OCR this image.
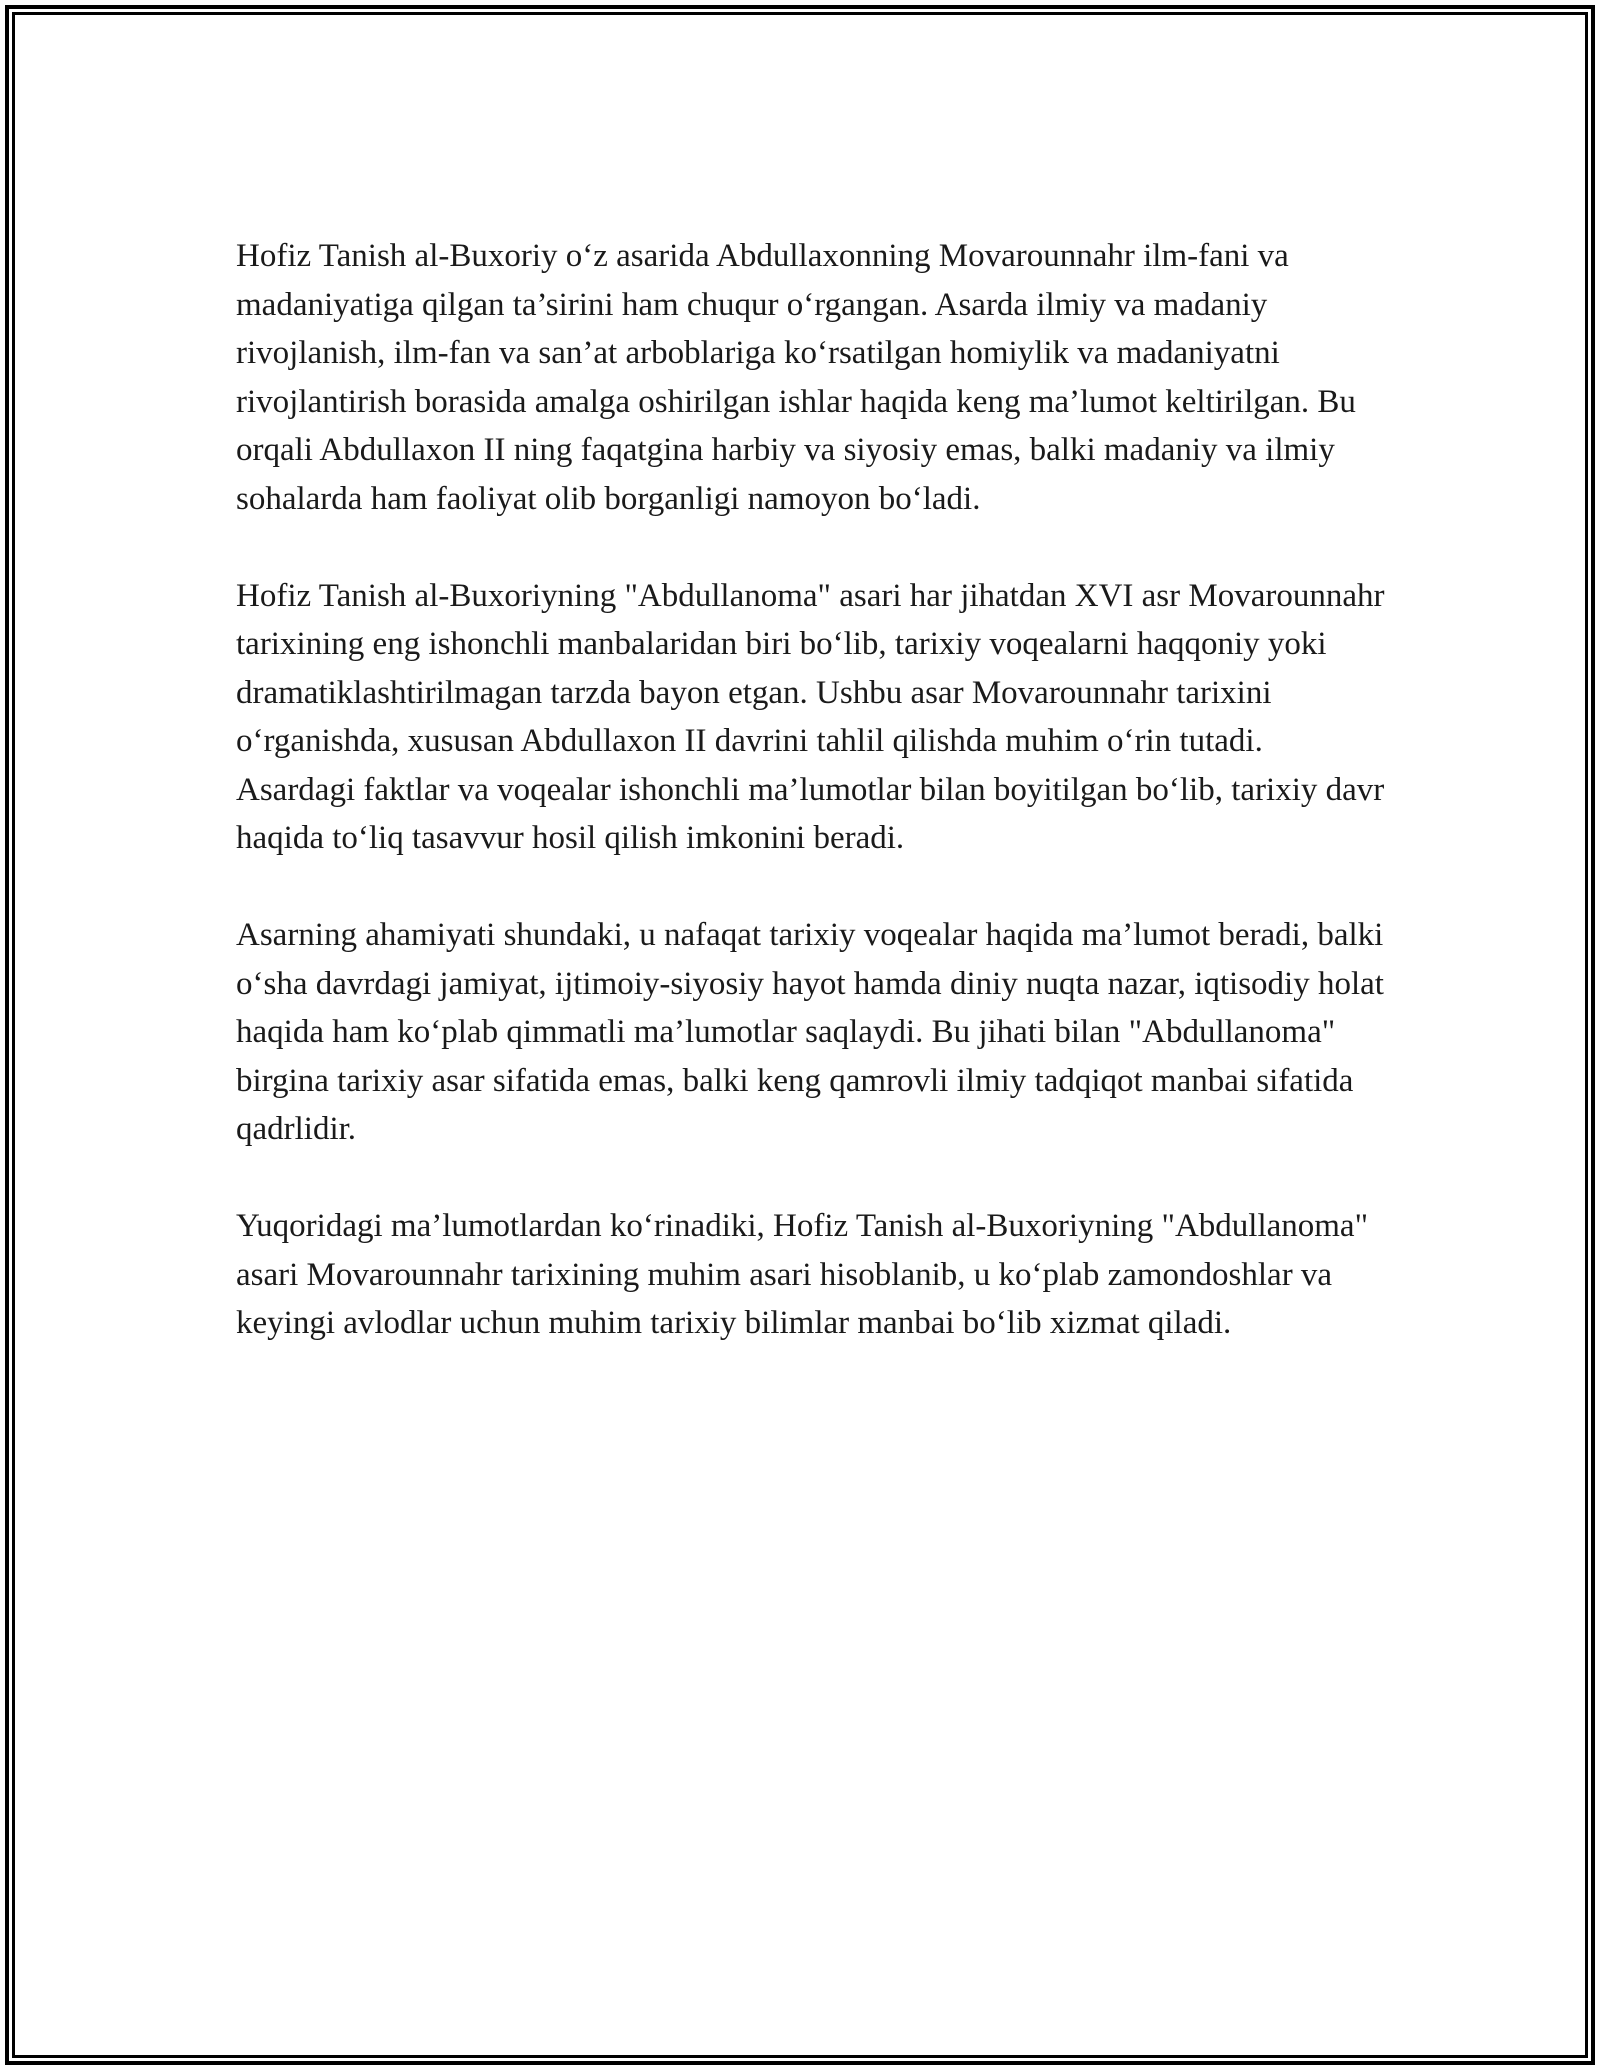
Hofiz Tanish al-Buxoriy o‘z asarida Abdullaxonning Movarounnahr ilm-fani va madaniyatiga qilgan ta’sirini ham chuqur o‘rgangan. Asarda ilmiy va madaniy rivojlanish, ilm-fan va san’at arboblariga ko‘rsatilgan homiylik va madaniyatni rivojlantirish borasida amalga oshirilgan ishlar haqida keng ma’lumot keltirilgan. Bu orqali Abdullaxon II ning faqatgina harbiy va siyosiy emas, balki madaniy va ilmiy sohalarda ham faoliyat olib borganligi namoyon bo‘ladi.

Hofiz Tanish al-Buxoriyning "Abdullanoma" asari har jihatdan XVI asr Movarounnahr tarixining eng ishonchli manbalaridan biri bo‘lib, tarixiy voqealarni haqqoniy yoki dramatiklashtirilmagan tarzda bayon etgan. Ushbu asar Movarounnahr tarixini o‘rganishda, xususan Abdullaxon II davrini tahlil qilishda muhim o‘rin tutadi. Asardagi faktlar va voqealar ishonchli ma’lumotlar bilan boyitilgan bo‘lib, tarixiy davr haqida to‘liq tasavvur hosil qilish imkonini beradi.

Asarning ahamiyati shundaki, u nafaqat tarixiy voqealar haqida ma’lumot beradi, balki o‘sha davrdagi jamiyat, ijtimoiy-siyosiy hayot hamda diniy nuqta nazar, iqtisodiy holat haqida ham ko‘plab qimmatli ma’lumotlar saqlaydi. Bu jihati bilan "Abdullanoma" birgina tarixiy asar sifatida emas, balki keng qamrovli ilmiy tadqiqot manbai sifatida qadrlidir.

Yuqoridagi ma’lumotlardan ko‘rinadiki, Hofiz Tanish al-Buxoriyning "Abdullanoma" asari Movarounnahr tarixining muhim asari hisoblanib, u ko‘plab zamondoshlar va keyingi avlodlar uchun muhim tarixiy bilimlar manbai bo‘lib xizmat qiladi.
